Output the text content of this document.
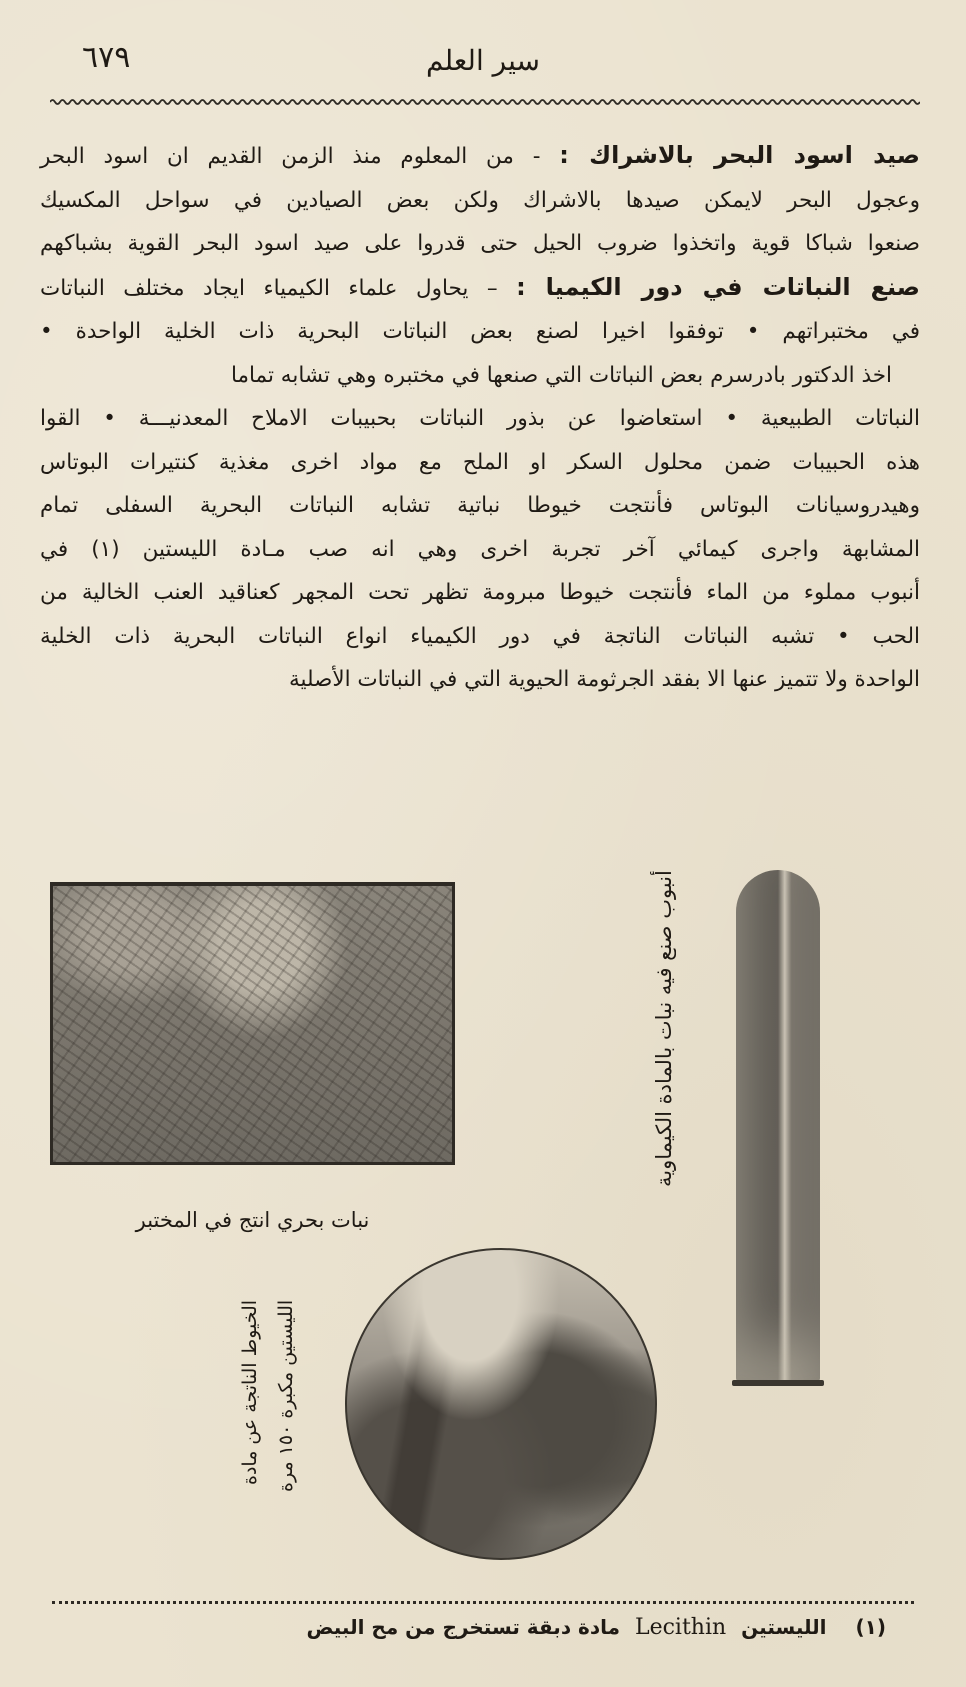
٦٧٩	سير العلم

صيد اسود البحر بالاشراك : - من المعلوم منذ الزمن القديم ان اسود البحر

وعجول البحر لايمكن صيدها بالاشراك ولكن بعض الصيادين في سواحل المكسيك

صنعوا شباكا قوية واتخذوا ضروب الحيل حتى قدروا على صيد اسود البحر القوية بشباكهم

صنع النباتات في دور الكيميا : – يحاول علماء الكيمياء ايجاد مختلف النباتات

في مختبراتهم • توفقوا اخيرا لصنع بعض النباتات البحرية ذات الخلية الواحدة •

اخذ الدكتور بادرسرم بعض النباتات التي صنعها في مختبره وهي تشابه تماما

النباتات الطبيعية • استعاضوا عن بذور النباتات بحبيبات الاملاح المعدنيـــة • القوا

هذه الحبيبات ضمن محلول السكر او الملح مع مواد اخرى مغذية كنتيرات البوتاس

وهيدروسيانات البوتاس فأنتجت خيوطا نباتية تشابه النباتات البحرية السفلى تمام

المشابهة واجرى كيمائي آخر تجربة اخرى وهي انه صب مـادة الليستين (١) في

أنبوب مملوء من الماء فأنتجت خيوطا مبرومة تظهر تحت المجهر كعناقيد العنب الخالية من

الحب • تشبه النباتات الناتجة في دور الكيمياء انواع النباتات البحرية ذات الخلية

الواحدة ولا تتميز عنها الا بفقد الجرثومة الحيوية التي في النباتات الأصلية

نبات بحري انتج في المختبر
أنبوب صنع فيه نبات بالمادة الكيماوية
الخيوط الناتجة عن مادة الليستين مكبرة ١٥٠ مرة
(١) الليستين Lecithin مادة دبقة تستخرج من مح البيض
